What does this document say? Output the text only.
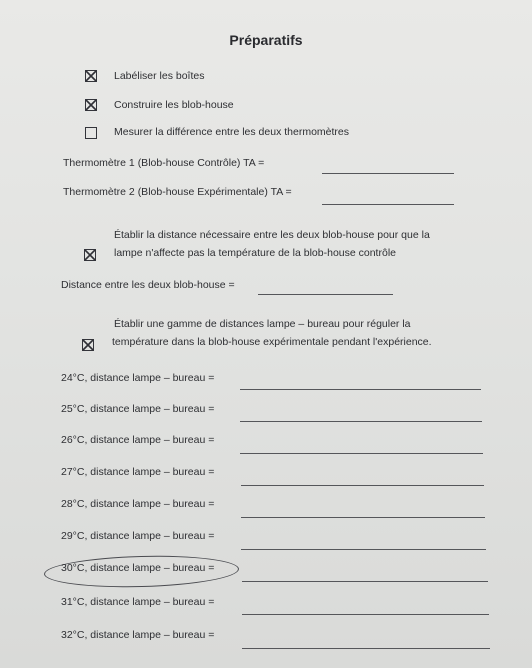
Préparatifs
Labéliser les boîtes
Construire les blob-house
Mesurer la différence entre les deux thermomètres
Thermomètre 1 (Blob-house Contrôle) TA =
Thermomètre 2 (Blob-house Expérimentale) TA =
Établir la distance nécessaire entre les deux blob-house pour que la
lampe n'affecte pas la température de la blob-house contrôle
Distance entre les deux blob-house =
Établir une gamme de distances lampe – bureau pour réguler la
température dans la blob-house expérimentale pendant l'expérience.
24°C, distance lampe – bureau =
25°C, distance lampe – bureau =
26°C, distance lampe – bureau =
27°C, distance lampe – bureau =
28°C, distance lampe – bureau =
29°C, distance lampe – bureau =
30°C, distance lampe – bureau =
31°C, distance lampe – bureau =
32°C, distance lampe – bureau =
